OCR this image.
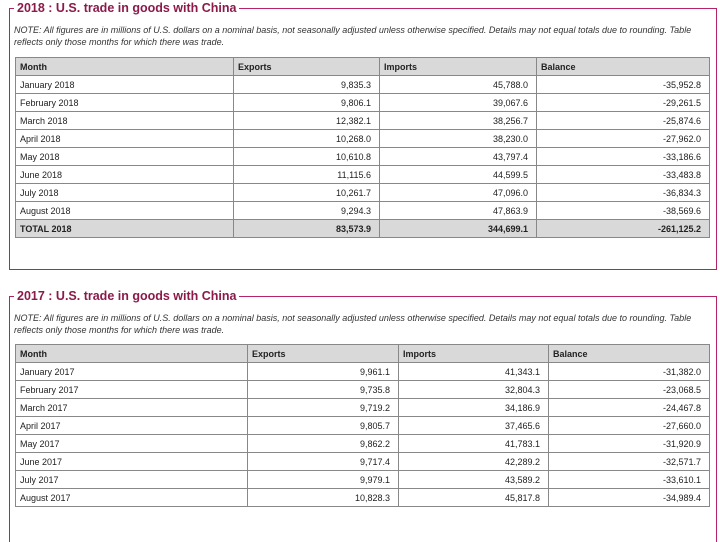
2018 : U.S. trade in goods with China
NOTE: All figures are in millions of U.S. dollars on a nominal basis, not seasonally adjusted unless otherwise specified. Details may not equal totals due to rounding. Table reflects only those months for which there was trade.
Month	Exports	Imports	Balance
January 2018	9,835.3	45,788.0	-35,952.8
February 2018	9,806.1	39,067.6	-29,261.5
March 2018	12,382.1	38,256.7	-25,874.6
April 2018	10,268.0	38,230.0	-27,962.0
May 2018	10,610.8	43,797.4	-33,186.6
June 2018	11,115.6	44,599.5	-33,483.8
July 2018	10,261.7	47,096.0	-36,834.3
August 2018	9,294.3	47,863.9	-38,569.6
TOTAL 2018	83,573.9	344,699.1	-261,125.2
2017 : U.S. trade in goods with China
NOTE: All figures are in millions of U.S. dollars on a nominal basis, not seasonally adjusted unless otherwise specified. Details may not equal totals due to rounding. Table reflects only those months for which there was trade.
Month	Exports	Imports	Balance
January 2017	9,961.1	41,343.1	-31,382.0
February 2017	9,735.8	32,804.3	-23,068.5
March 2017	9,719.2	34,186.9	-24,467.8
April 2017	9,805.7	37,465.6	-27,660.0
May 2017	9,862.2	41,783.1	-31,920.9
June 2017	9,717.4	42,289.2	-32,571.7
July 2017	9,979.1	43,589.2	-33,610.1
August 2017	10,828.3	45,817.8	-34,989.4
